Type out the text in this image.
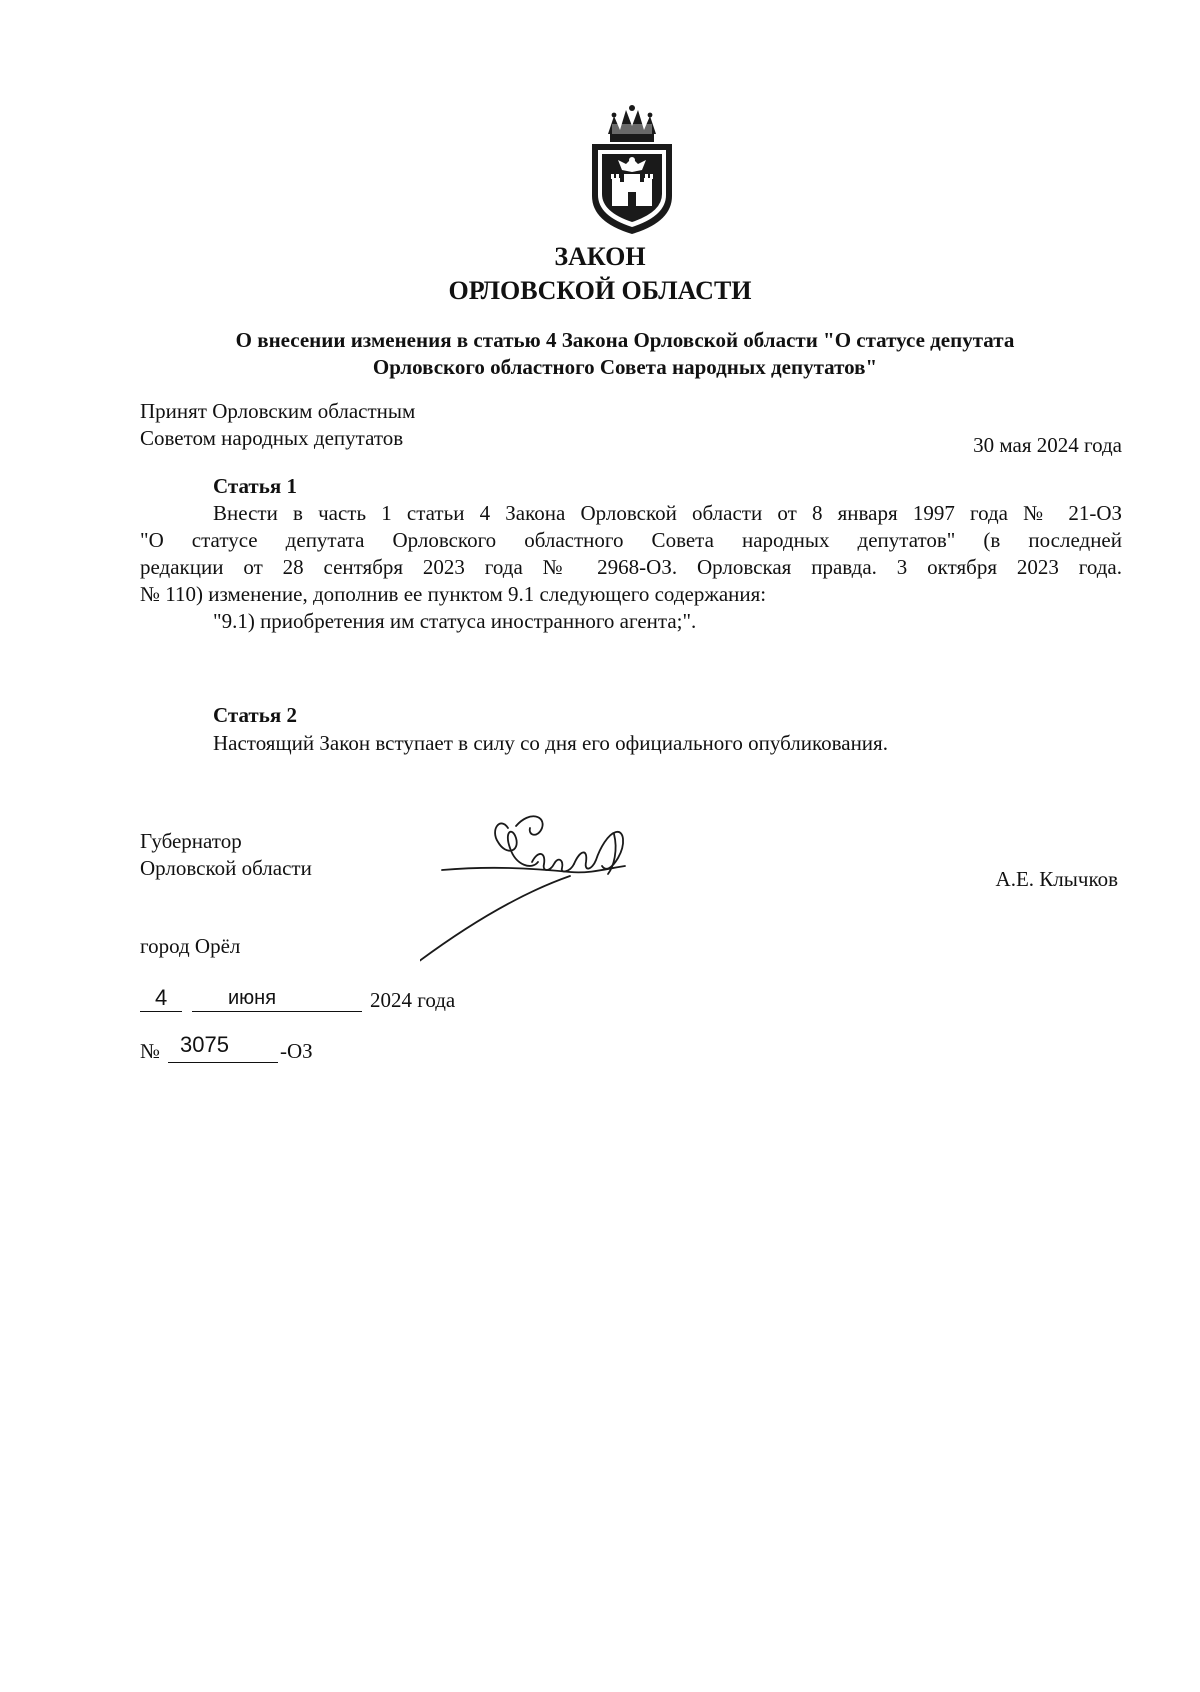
ЗАКОН
ОРЛОВСКОЙ ОБЛАСТИ
О внесении изменения в статью 4 Закона Орловской области "О статусе депутата
Орловского областного Совета народных депутатов"
Принят Орловским областным
Советом народных депутатов	30 мая 2024 года
Статья 1
Внести в часть 1 статьи 4 Закона Орловской области от 8 января 1997 года № 21-ОЗ
"О статусе депутата Орловского областного Совета народных депутатов" (в последней
редакции от 28 сентября 2023 года № 2968-ОЗ. Орловская правда. 3 октября 2023 года.
№ 110) изменение, дополнив ее пунктом 9.1 следующего содержания:
"9.1) приобретения им статуса иностранного агента;".
Статья 2
Настоящий Закон вступает в силу со дня его официального опубликования.
Губернатор
Орловской области	А.Е. Клычков
город Орёл
4	июня	2024 года
№ 3075 -ОЗ
